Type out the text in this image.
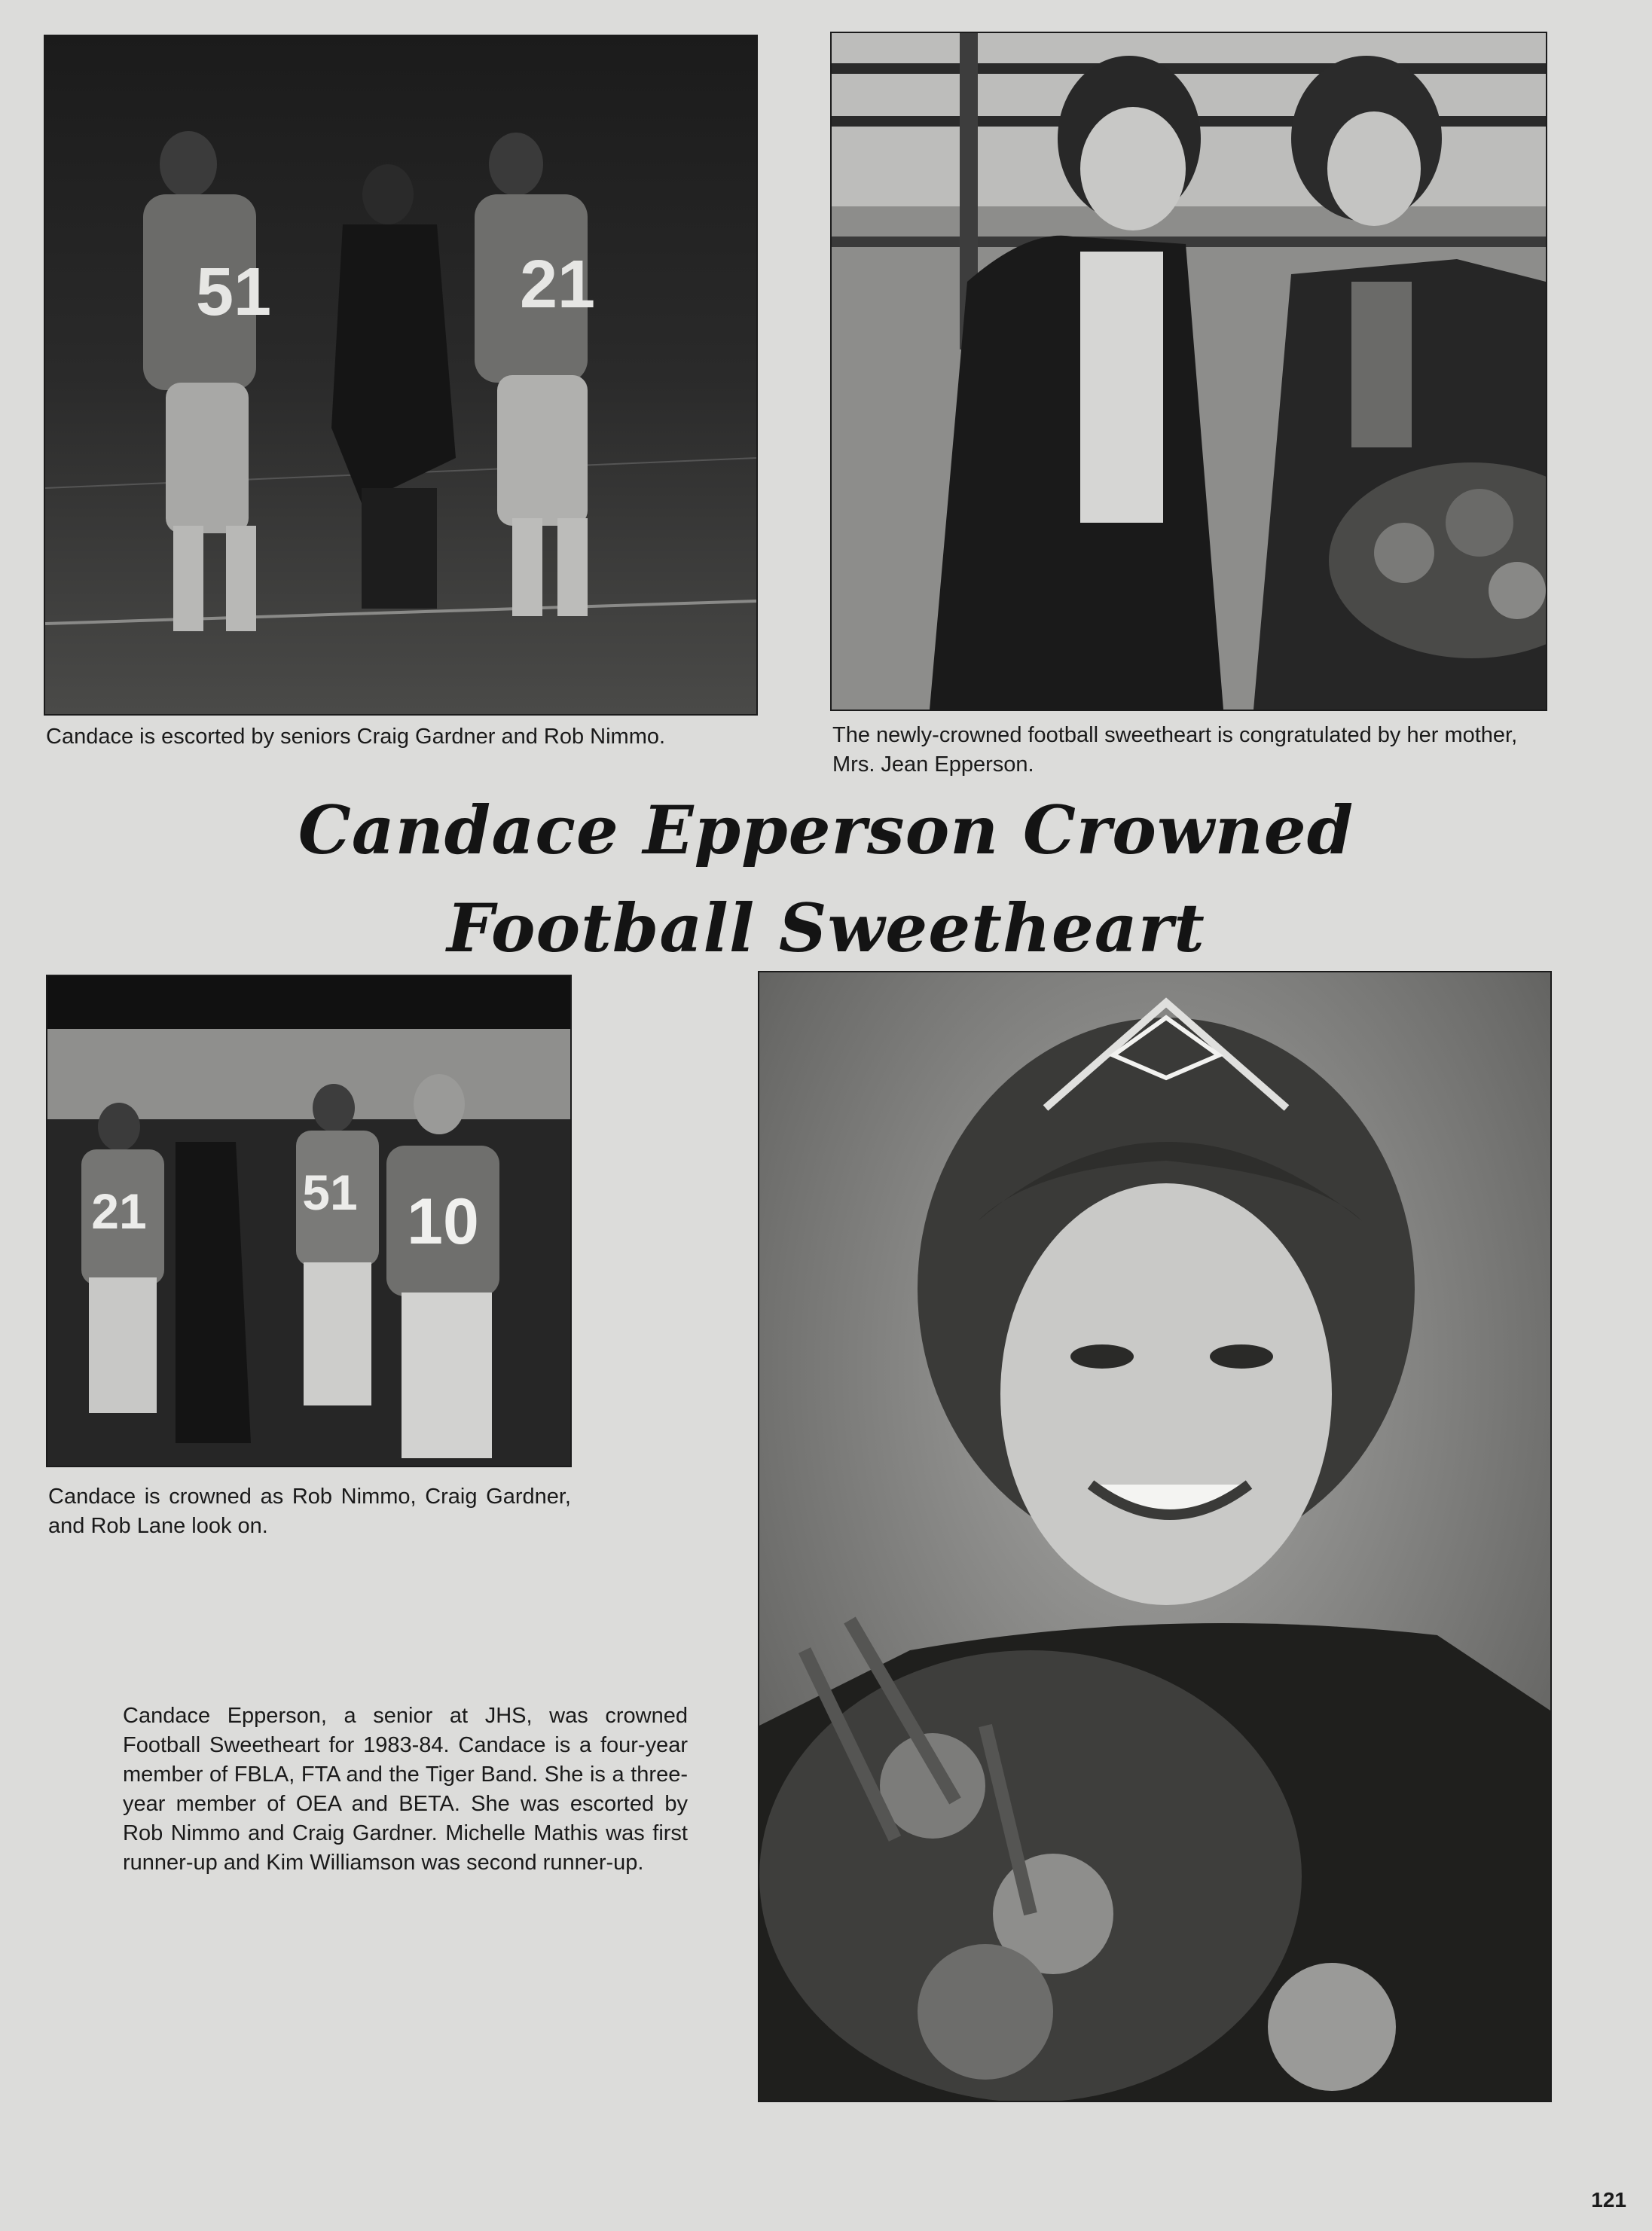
51	21

Candace is escorted by seniors Craig Gardner and Rob Nimmo.	The newly-crowned football sweetheart is congratulated by her mother, Mrs. Jean Epperson.

Candace Epperson Crowned
Football Sweetheart
21	51 10

Candace is crowned as Rob Nimmo, Craig Gardner, and Rob Lane look on.

Candace Epperson, a senior at JHS, was crowned Football Sweetheart for 1983-84. Candace is a four-year member of FBLA, FTA and the Tiger Band. She is a three-year member of OEA and BETA. She was escorted by Rob Nimmo and Craig Gardner. Michelle Mathis was first runner-up and Kim Williamson was second runner-up.

121
